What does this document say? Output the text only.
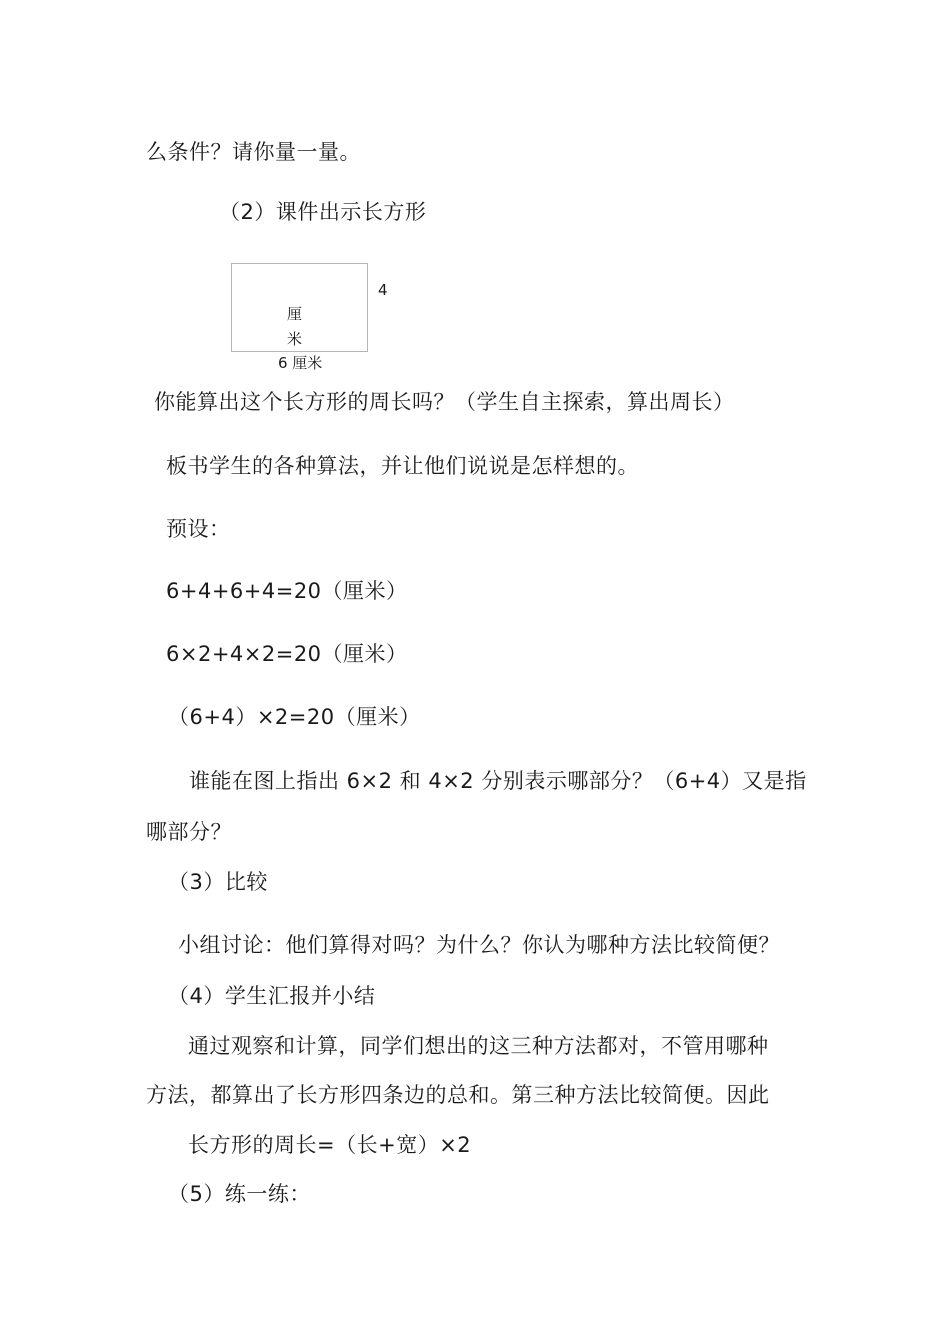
么条件？请你量一量。
（2）课件出示长方形
4
厘
米
6 厘米
你能算出这个长方形的周长吗？（学生自主探索，算出周长）
板书学生的各种算法，并让他们说说是怎样想的。
预设：
6+4+6+4=20（厘米）
6×2+4×2=20（厘米）
（6+4）×2=20（厘米）
谁能在图上指出 6×2 和 4×2 分别表示哪部分？（6+4）又是指
哪部分？
（3）比较
小组讨论：他们算得对吗？为什么？你认为哪种方法比较简便？
（4）学生汇报并小结
通过观察和计算，同学们想出的这三种方法都对，不管用哪种
方法，都算出了长方形四条边的总和。第三种方法比较简便。因此
长方形的周长=（长+宽）×2
（5）练一练：
